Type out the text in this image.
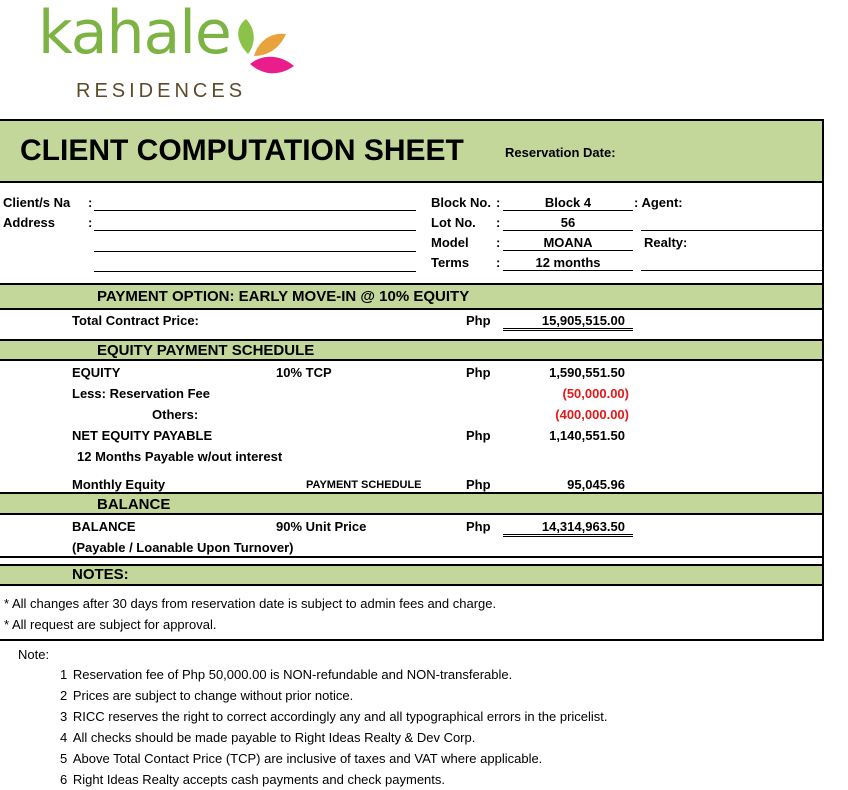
kahale
RESIDENCES
CLIENT COMPUTATION SHEET	Reservation Date:
Client/s Na :
Address	:
Block No. :	Block 4	: Agent:
Lot No. :	56
Model :	MOANA	Realty:
Terms :	12 months
PAYMENT OPTION: EARLY MOVE-IN @ 10% EQUITY
Total Contract Price:	Php	15,905,515.00
EQUITY PAYMENT SCHEDULE
EQUITY	10% TCP	Php	1,590,551.50
Less: Reservation Fee	(50,000.00)
Others:	(400,000.00)
NET EQUITY PAYABLE	Php	1,140,551.50
12 Months Payable w/out interest
Monthly Equity	PAYMENT SCHEDULE	Php	95,045.96
BALANCE
BALANCE	90% Unit Price	Php	14,314,963.50
(Payable / Loanable Upon Turnover)
NOTES:
* All changes after 30 days from reservation date is subject to admin fees and charge.
* All request are subject for approval.
Note:
1 Reservation fee of Php 50,000.00 is NON-refundable and NON-transferable.
2 Prices are subject to change without prior notice.
3 RICC reserves the right to correct accordingly any and all typographical errors in the pricelist.
4 All checks should be made payable to Right Ideas Realty & Dev Corp.
5 Above Total Contact Price (TCP) are inclusive of taxes and VAT where applicable.
6 Right Ideas Realty accepts cash payments and check payments.
